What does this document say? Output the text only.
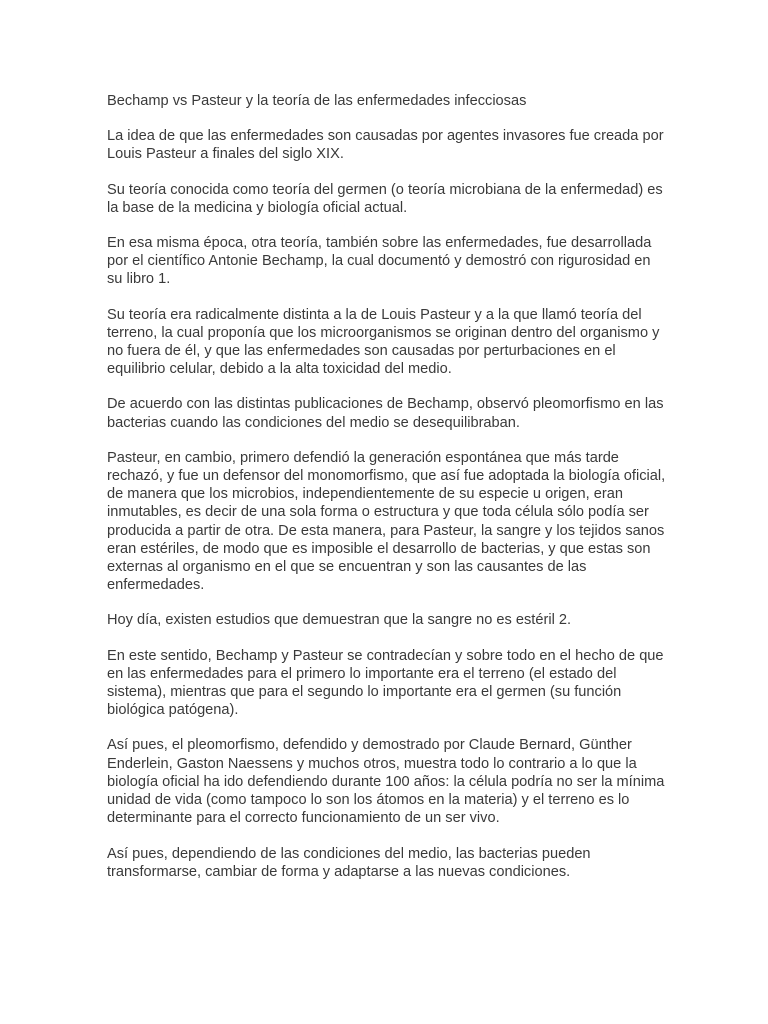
Bechamp vs Pasteur y la teoría de las enfermedades infecciosas

La idea de que las enfermedades son causadas por agentes invasores fue creada por Louis Pasteur a finales del siglo XIX.

Su teoría conocida como teoría del germen (o teoría microbiana de la enfermedad) es la base de la medicina y biología oficial actual.

En esa misma época, otra teoría, también sobre las enfermedades, fue desarrollada por el científico Antonie Bechamp, la cual documentó y demostró con rigurosidad en su libro 1.

Su teoría era radicalmente distinta a la de Louis Pasteur y a la que llamó teoría del terreno, la cual proponía que los microorganismos se originan dentro del organismo y no fuera de él, y que las enfermedades son causadas por perturbaciones en el equilibrio celular, debido a la alta toxicidad del medio.

De acuerdo con las distintas publicaciones de Bechamp, observó pleomorfismo en las bacterias cuando las condiciones del medio se desequilibraban.

Pasteur, en cambio, primero defendió la generación espontánea que más tarde rechazó, y fue un defensor del monomorfismo, que así fue adoptada la biología oficial, de manera que los microbios, independientemente de su especie u origen, eran inmutables, es decir de una sola forma o estructura y que toda célula sólo podía ser producida a partir de otra. De esta manera, para Pasteur, la sangre y los tejidos sanos eran estériles, de modo que es imposible el desarrollo de bacterias, y que estas son externas al organismo en el que se encuentran y son las causantes de las enfermedades.

Hoy día, existen estudios que demuestran que la sangre no es estéril 2.

En este sentido, Bechamp y Pasteur se contradecían y sobre todo en el hecho de que en las enfermedades para el primero lo importante era el terreno (el estado del sistema), mientras que para el segundo lo importante era el germen (su función biológica patógena).

Así pues, el pleomorfismo, defendido y demostrado por Claude Bernard, Günther Enderlein, Gaston Naessens y muchos otros, muestra todo lo contrario a lo que la biología oficial ha ido defendiendo durante 100 años: la célula podría no ser la mínima unidad de vida (como tampoco lo son los átomos en la materia) y el terreno es lo determinante para el correcto funcionamiento de un ser vivo.

Así pues, dependiendo de las condiciones del medio, las bacterias pueden transformarse, cambiar de forma y adaptarse a las nuevas condiciones.
